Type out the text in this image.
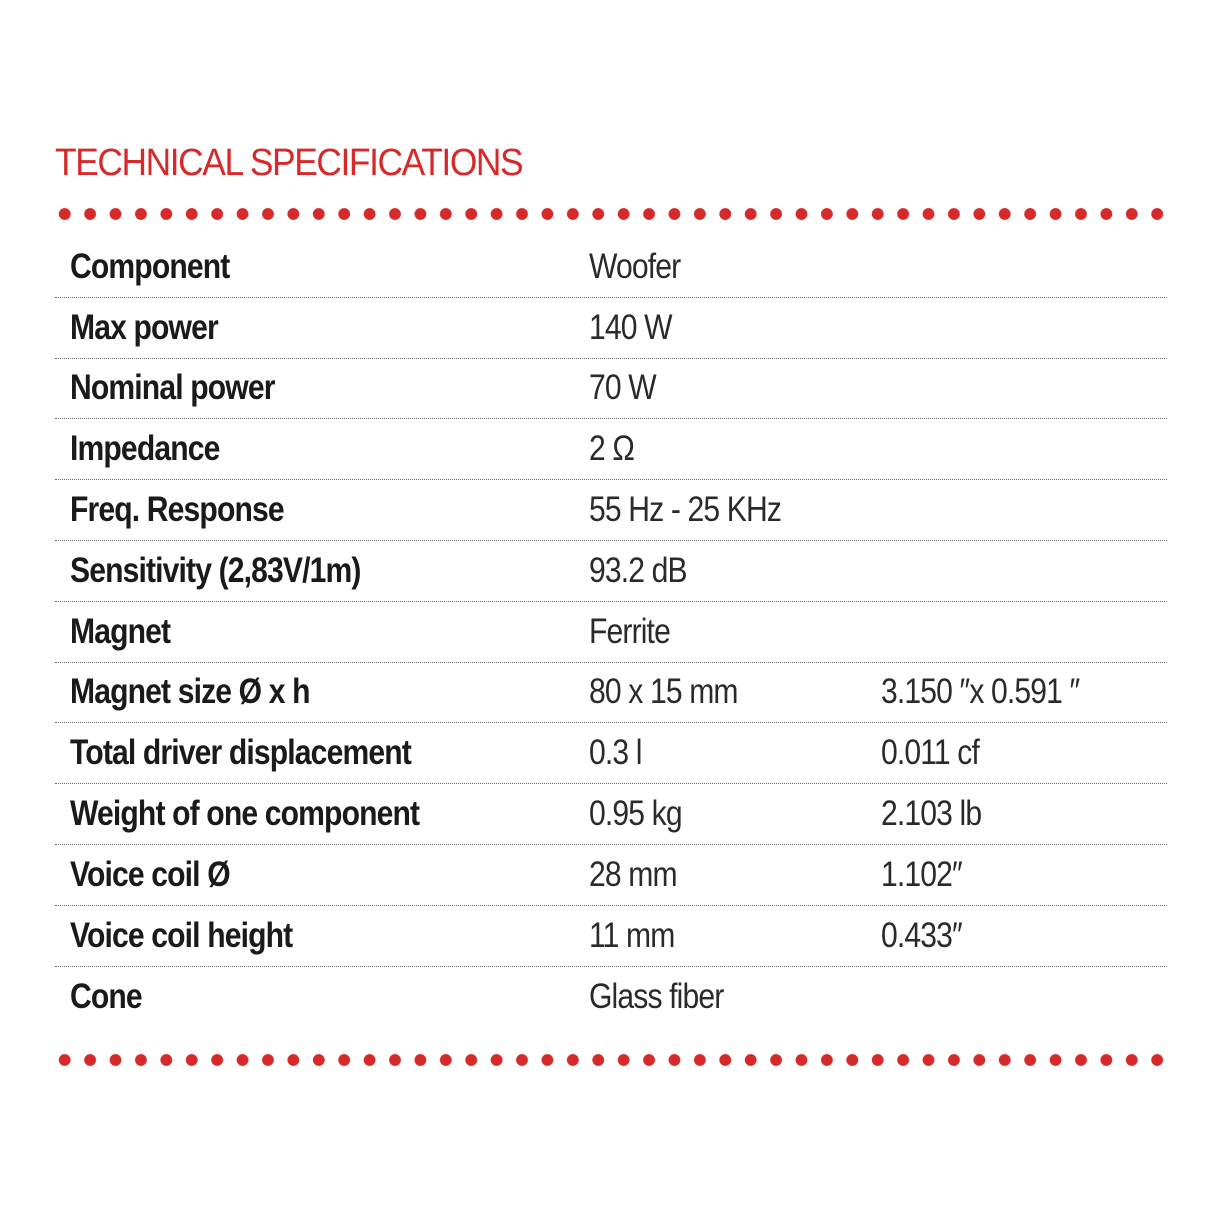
TECHNICAL SPECIFICATIONS
Component	Woofer
Max power	140 W
Nominal power	70 W
Impedance	2 Ω
Freq. Response	55 Hz - 25 KHz
Sensitivity (2,83V/1m)	93.2 dB
Magnet	Ferrite
Magnet size Ø x h	80 x 15 mm	3.150 ″x 0.591 ″
Total driver displacement	0.3 l	0.011 cf
Weight of one component	0.95 kg	2.103 lb
Voice coil Ø	28 mm	1.102″
Voice coil height	11 mm	0.433″
Cone	Glass fiber
